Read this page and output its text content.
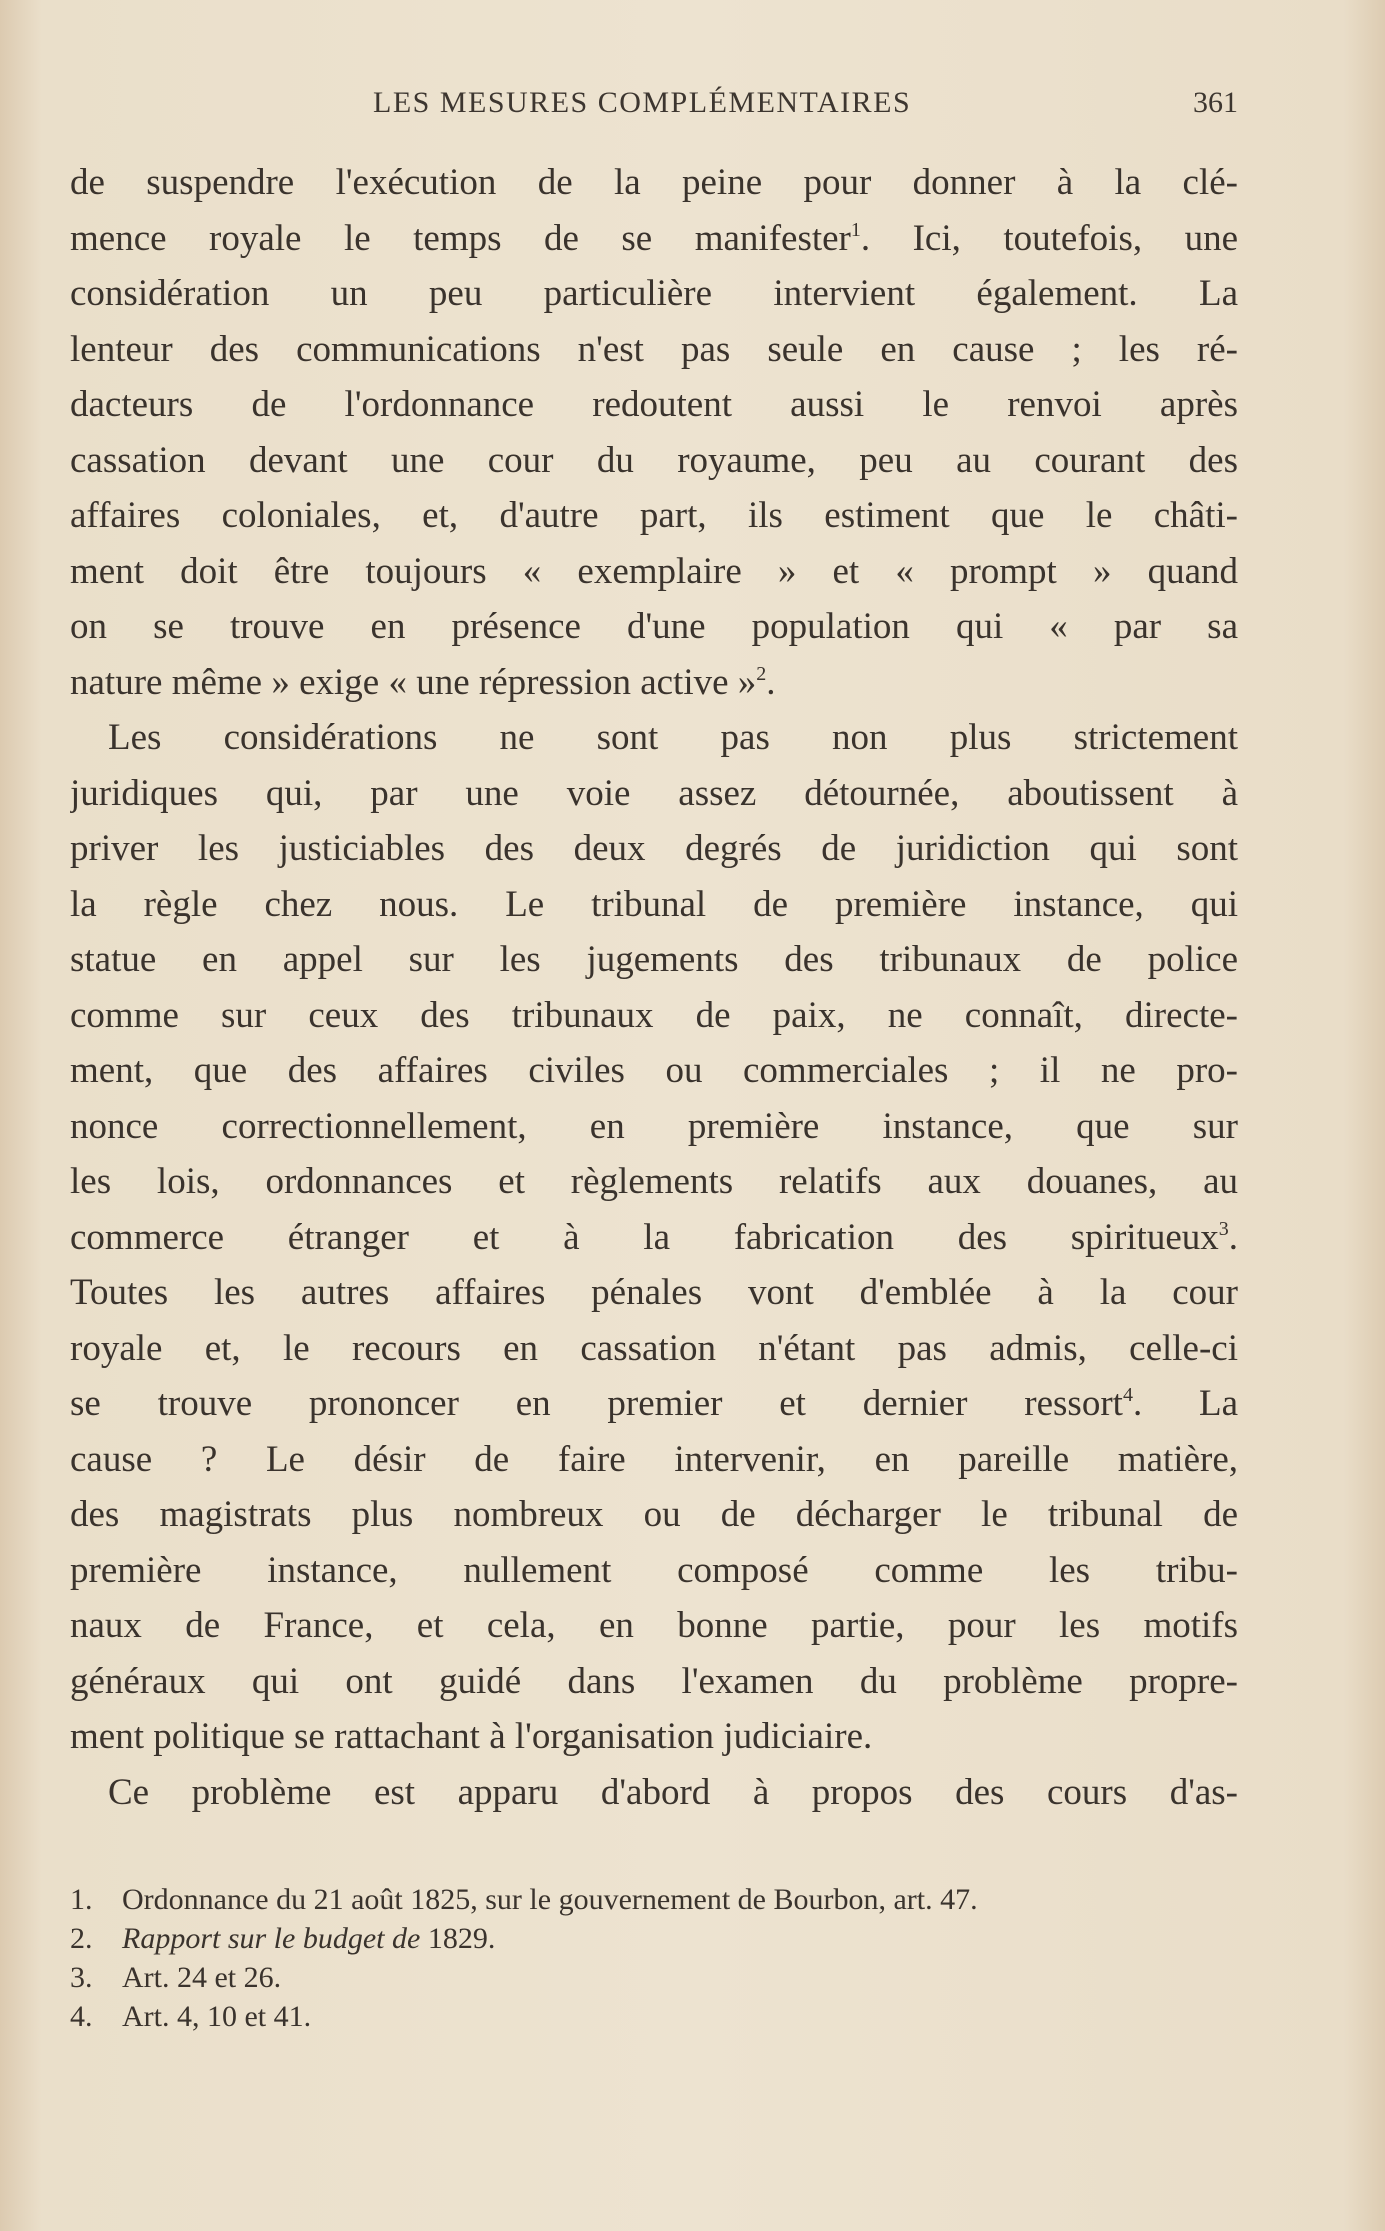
LES MESURES COMPLÉMENTAIRES	361
de suspendre l'exécution de la peine pour donner à la clé-
mence royale le temps de se manifester$^1$. Ici, toutefois, une
considération un peu particulière intervient également. La
lenteur des communications n'est pas seule en cause ; les ré-
dacteurs de l'ordonnance redoutent aussi le renvoi après
cassation devant une cour du royaume, peu au courant des
affaires coloniales, et, d'autre part, ils estiment que le châti-
ment doit être toujours « exemplaire » et « prompt » quand
on se trouve en présence d'une population qui « par sa
nature même » exige « une répression active »$^2$.
Les considérations ne sont pas non plus strictement
juridiques qui, par une voie assez détournée, aboutissent à
priver les justiciables des deux degrés de juridiction qui sont
la règle chez nous. Le tribunal de première instance, qui
statue en appel sur les jugements des tribunaux de police
comme sur ceux des tribunaux de paix, ne connaît, directe-
ment, que des affaires civiles ou commerciales ; il ne pro-
nonce correctionnellement, en première instance, que sur
les lois, ordonnances et règlements relatifs aux douanes, au
commerce étranger et à la fabrication des spiritueux$^3$.
Toutes les autres affaires pénales vont d'emblée à la cour
royale et, le recours en cassation n'étant pas admis, celle-ci
se trouve prononcer en premier et dernier ressort$^4$. La
cause ? Le désir de faire intervenir, en pareille matière,
des magistrats plus nombreux ou de décharger le tribunal de
première instance, nullement composé comme les tribu-
naux de France, et cela, en bonne partie, pour les motifs
généraux qui ont guidé dans l'examen du problème propre-
ment politique se rattachant à l'organisation judiciaire.
Ce problème est apparu d'abord à propos des cours d'as-
1. Ordonnance du 21 août 1825, sur le gouvernement de Bourbon, art. 47.
2. Rapport sur le budget de 1829.
3. Art. 24 et 26.
4. Art. 4, 10 et 41.
